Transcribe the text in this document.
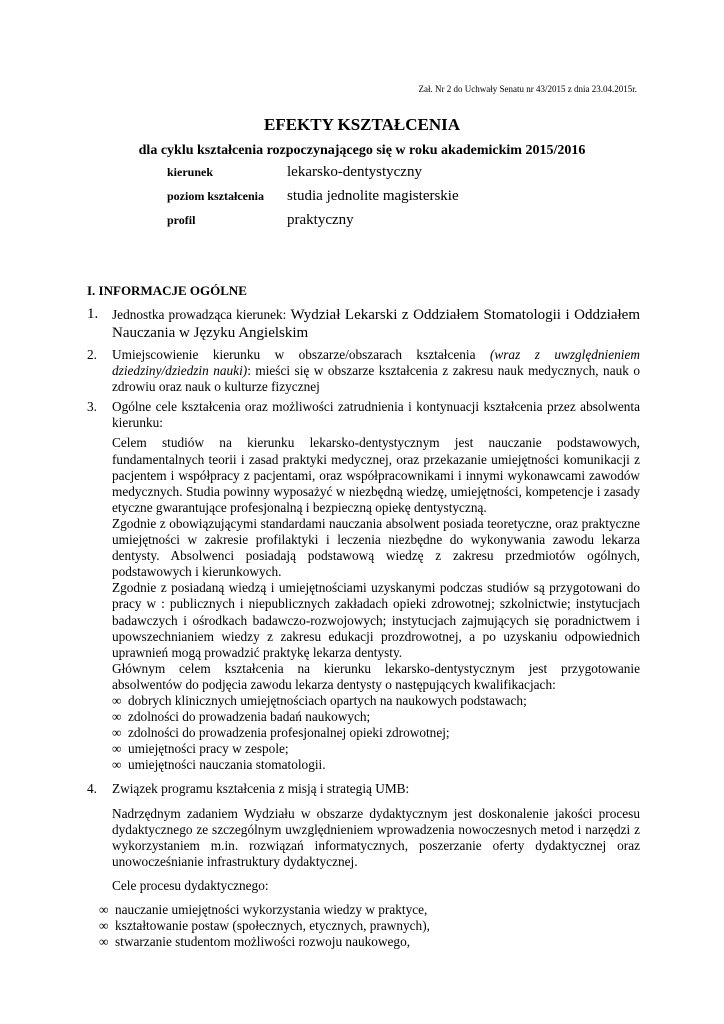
Zał. Nr 2 do Uchwały Senatu nr 43/2015 z dnia 23.04.2015r.
EFEKTY KSZTAŁCENIA
dla cyklu kształcenia rozpoczynającego się w roku akademickim 2015/2016
kierunek	lekarsko-dentystyczny
poziom kształcenia	studia jednolite magisterskie
profil	praktyczny
I. INFORMACJE OGÓLNE
1. Jednostka prowadząca kierunek: Wydział Lekarski z Oddziałem Stomatologii i Oddziałem Nauczania w Języku Angielskim
2. Umiejscowienie kierunku w obszarze/obszarach kształcenia (wraz z uwzględnieniem dziedziny/dziedzin nauki): mieści się w obszarze kształcenia z zakresu nauk medycznych, nauk o zdrowiu oraz nauk o kulturze fizycznej
3. Ogólne cele kształcenia oraz możliwości zatrudnienia i kontynuacji kształcenia przez absolwenta kierunku:
Celem studiów na kierunku lekarsko-dentystycznym jest nauczanie podstawowych, fundamentalnych teorii i zasad praktyki medycznej, oraz przekazanie umiejętności komunikacji z pacjentem i współpracy z pacjentami, oraz współpracownikami i innymi wykonawcami zawodów medycznych. Studia powinny wyposażyć w niezbędną wiedzę, umiejętności, kompetencje i zasady etyczne gwarantujące profesjonalną i bezpieczną opiekę dentystyczną.
Zgodnie z obowiązującymi standardami nauczania absolwent posiada teoretyczne, oraz praktyczne umiejętności w zakresie profilaktyki i leczenia niezbędne do wykonywania zawodu lekarza dentysty. Absolwenci posiadają podstawową wiedzę z zakresu przedmiotów ogólnych, podstawowych i kierunkowych.
Zgodnie z posiadaną wiedzą i umiejętnościami uzyskanymi podczas studiów są przygotowani do pracy w : publicznych i niepublicznych zakładach opieki zdrowotnej; szkolnictwie; instytucjach badawczych i ośrodkach badawczo-rozwojowych; instytucjach zajmujących się poradnictwem i upowszechnianiem wiedzy z zakresu edukacji prozdrowotnej, a po uzyskaniu odpowiednich uprawnień mogą prowadzić praktykę lekarza dentysty.
Głównym celem kształcenia na kierunku lekarsko-dentystycznym jest przygotowanie absolwentów do podjęcia zawodu lekarza dentysty o następujących kwalifikacjach:
∞ dobrych klinicznych umiejętnościach opartych na naukowych podstawach;
∞ zdolności do prowadzenia badań naukowych;
∞ zdolności do prowadzenia profesjonalnej opieki zdrowotnej;
∞ umiejętności pracy w zespole;
∞ umiejętności nauczania stomatologii.
4. Związek programu kształcenia z misją i strategią UMB:
Nadrzędnym zadaniem Wydziału w obszarze dydaktycznym jest doskonalenie jakości procesu dydaktycznego ze szczególnym uwzględnieniem wprowadzenia nowoczesnych metod i narzędzi z wykorzystaniem m.in. rozwiązań informatycznych, poszerzanie oferty dydaktycznej oraz unowocześnianie infrastruktury dydaktycznej.
Cele procesu dydaktycznego:
∞ nauczanie umiejętności wykorzystania wiedzy w praktyce,
∞ kształtowanie postaw (społecznych, etycznych, prawnych),
∞ stwarzanie studentom możliwości rozwoju naukowego,
